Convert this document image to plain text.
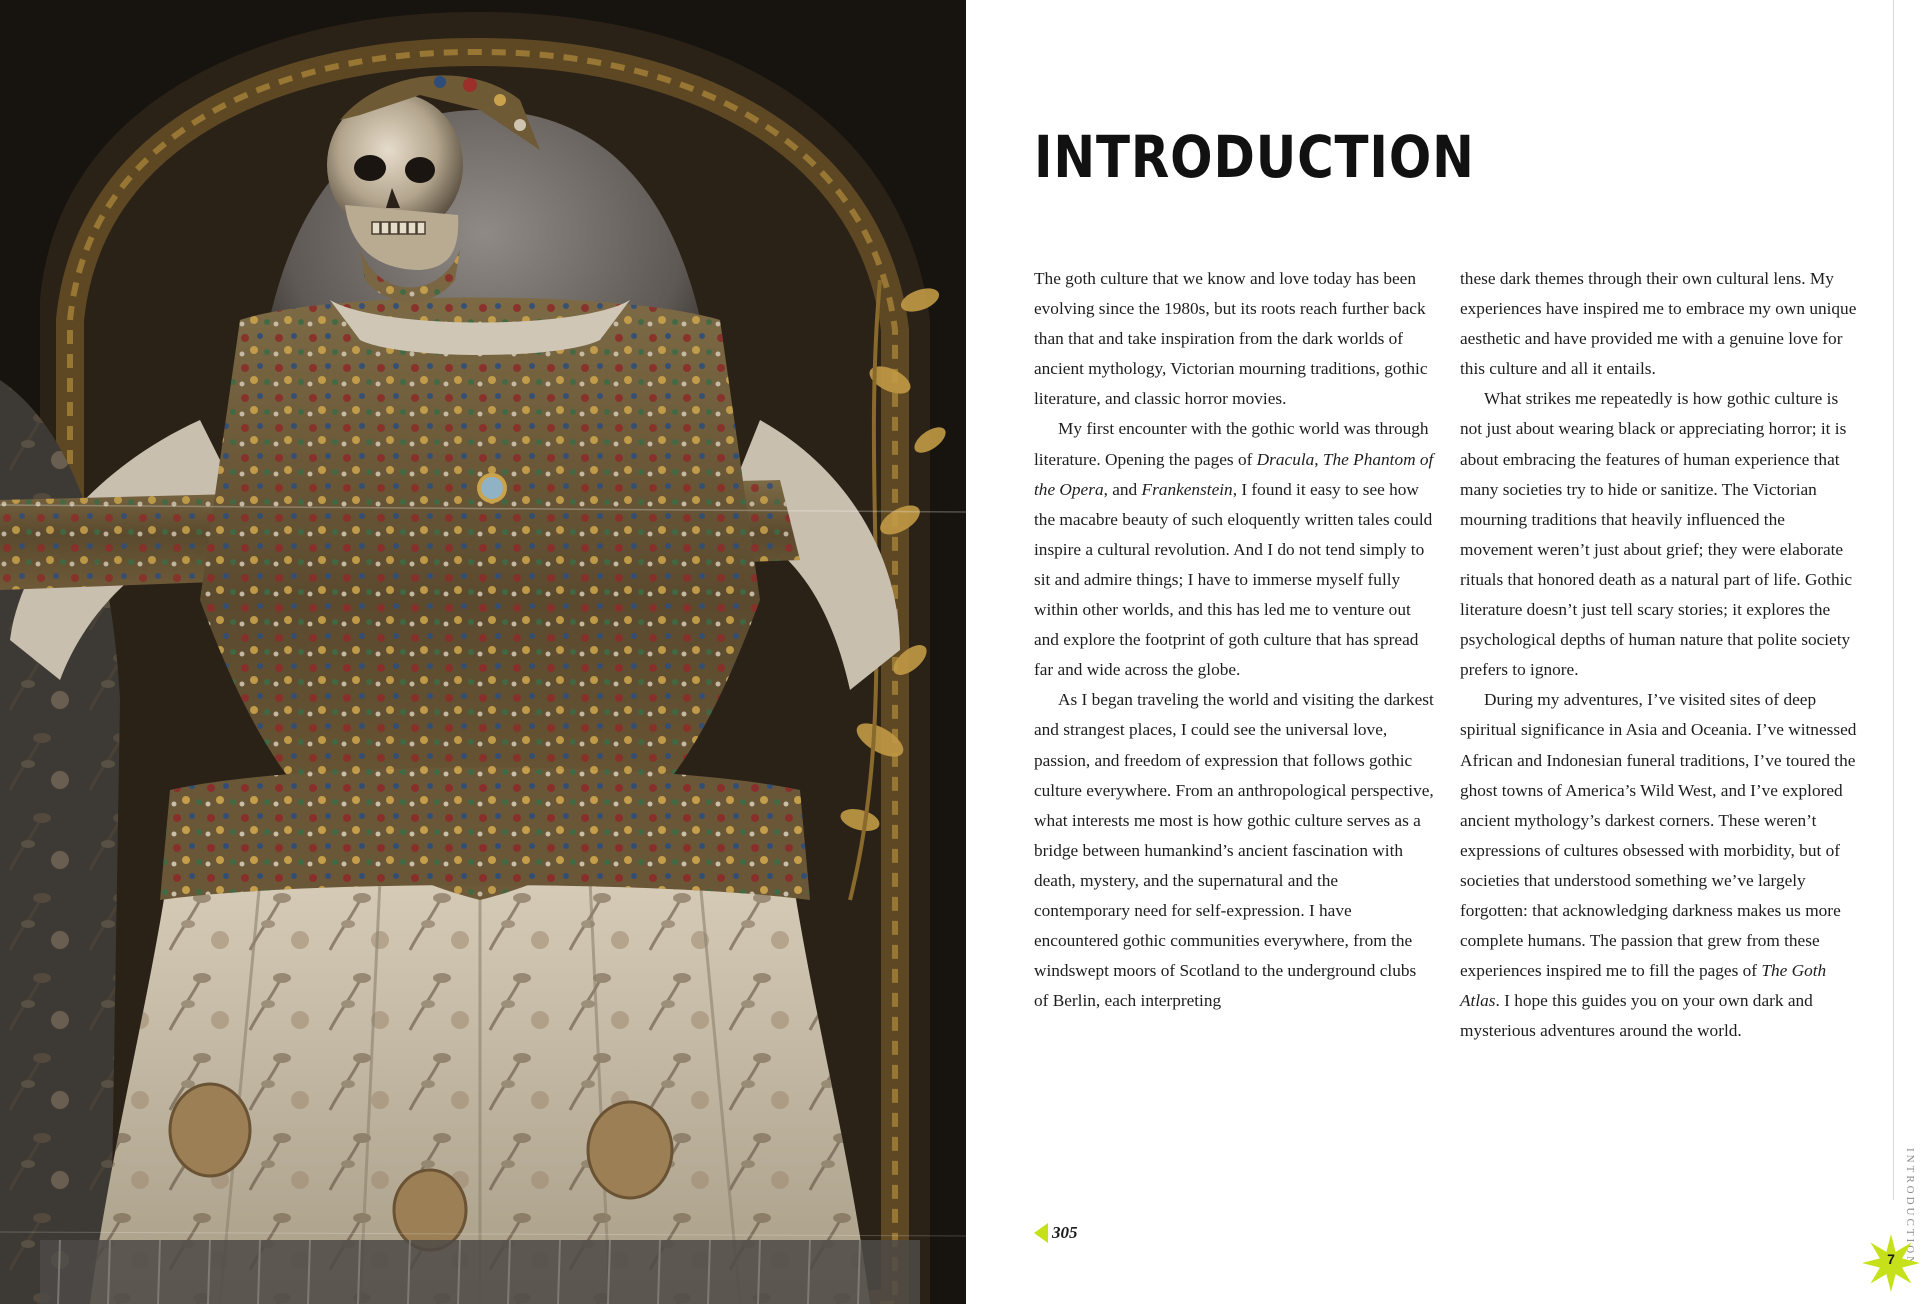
INTRODUCTION

The goth culture that we know and love today has been evolving since the 1980s, but its roots reach further back than that and take inspiration from the dark worlds of ancient mythology, Victorian mourning traditions, gothic literature, and classic horror movies.

My first encounter with the gothic world was through literature. Opening the pages of Dracula, The Phantom of the Opera, and Frankenstein, I found it easy to see how the macabre beauty of such eloquently written tales could inspire a cultural revolution. And I do not tend simply to sit and admire things; I have to immerse myself fully within other worlds, and this has led me to venture out and explore the footprint of goth culture that has spread far and wide across the globe.

As I began traveling the world and visiting the darkest and strangest places, I could see the universal love, passion, and freedom of expression that follows gothic culture everywhere. From an anthropological perspective, what interests me most is how gothic culture serves as a bridge between humankind’s ancient fascination with death, mystery, and the supernatural and the contemporary need for self-expression. I have encountered gothic communities everywhere, from the windswept moors of Scotland to the underground clubs of Berlin, each interpreting

these dark themes through their own cultural lens. My experiences have inspired me to embrace my own unique aesthetic and have provided me with a genuine love for this culture and all it entails.

What strikes me repeatedly is how gothic culture is not just about wearing black or appreciating horror; it is about embracing the features of human experience that many societies try to hide or sanitize. The Victorian mourning traditions that heavily influenced the movement weren’t just about grief; they were elaborate rituals that honored death as a natural part of life. Gothic literature doesn’t just tell scary stories; it explores the psychological depths of human nature that polite society prefers to ignore.

During my adventures, I’ve visited sites of deep spiritual significance in Asia and Oceania. I’ve witnessed African and Indonesian funeral traditions, I’ve toured the ghost towns of America’s Wild West, and I’ve explored ancient mythology’s darkest corners. These weren’t expressions of cultures obsessed with morbidity, but of societies that understood something we’ve largely forgotten: that acknowledging darkness makes us more complete humans. The passion that grew from these experiences inspired me to fill the pages of The Goth Atlas. I hope this guides you on your own dark and mysterious adventures around the world.

305	INTRODUCTION
7
